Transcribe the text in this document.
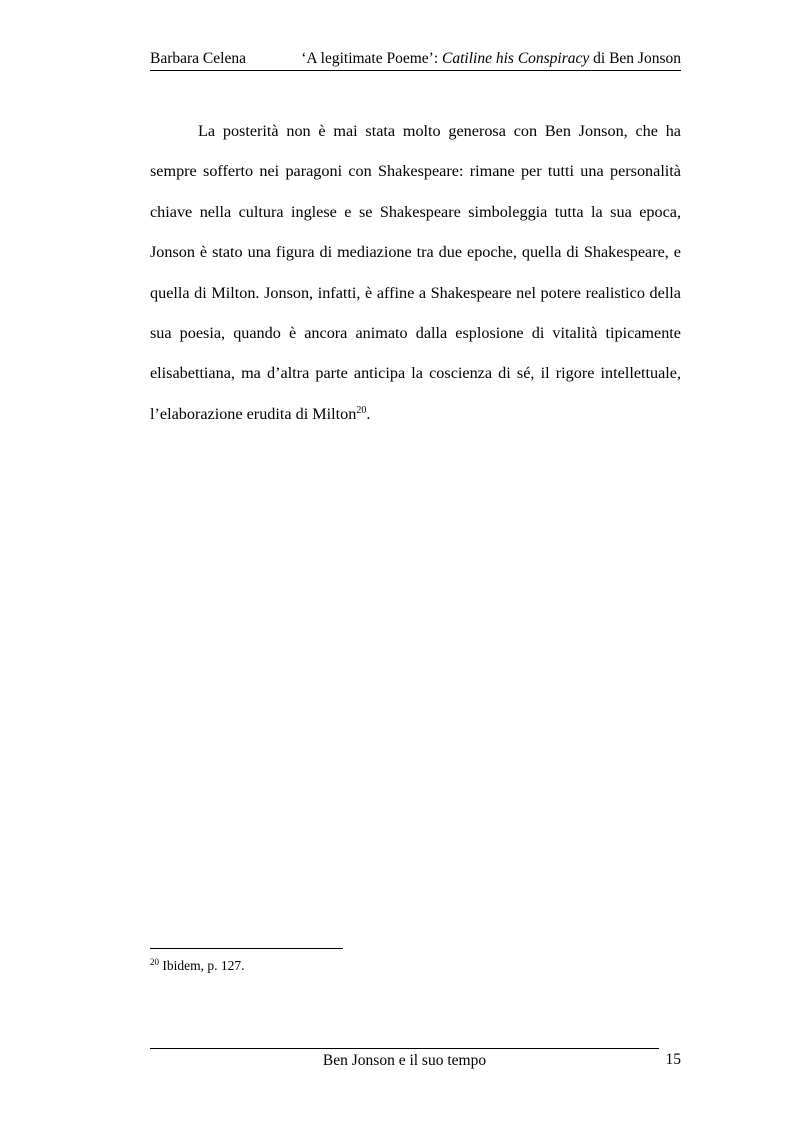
Barbara Celena	‘A legitimate Poeme’: Catiline his Conspiracy di Ben Jonson

La posterità non è mai stata molto generosa con Ben Jonson, che ha sempre sofferto nei paragoni con Shakespeare: rimane per tutti una personalità chiave nella cultura inglese e se Shakespeare simboleggia tutta la sua epoca, Jonson è stato una figura di mediazione tra due epoche, quella di Shakespeare, e quella di Milton. Jonson, infatti, è affine a Shakespeare nel potere realistico della sua poesia, quando è ancora animato dalla esplosione di vitalità tipicamente elisabettiana, ma d’altra parte anticipa la coscienza di sé, il rigore intellettuale, l’elaborazione erudita di Milton$^{20}$.

$^{20}$ Ibidem, p. 127.
Ben Jonson e il suo tempo	15
